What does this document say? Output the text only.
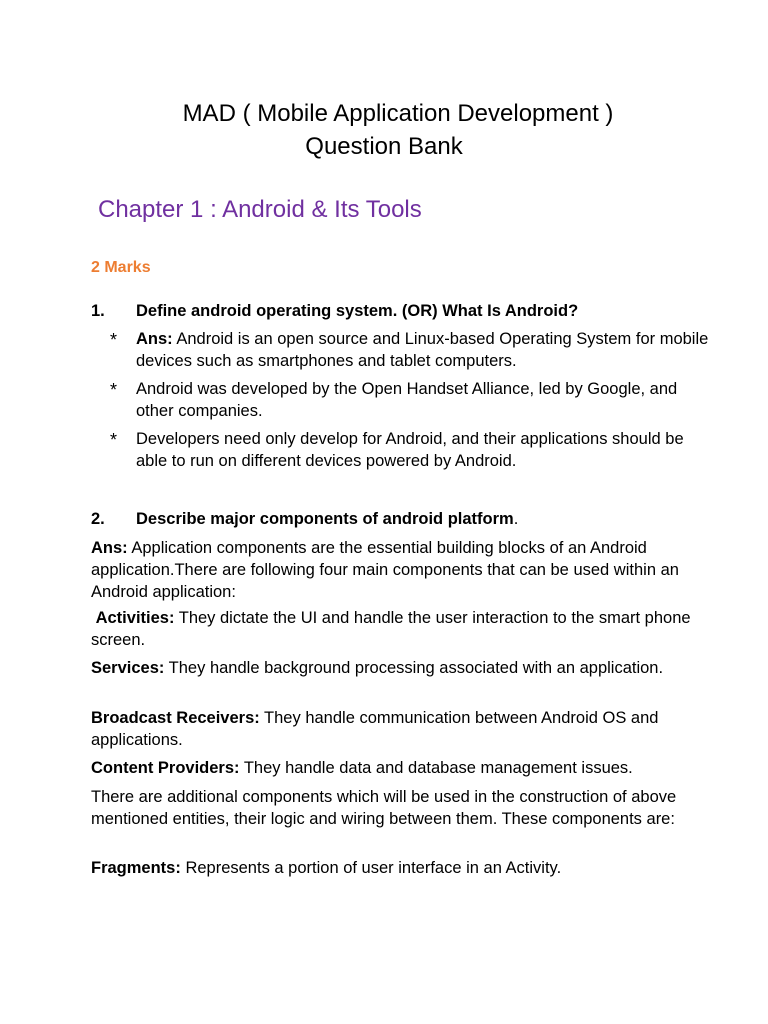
MAD ( Mobile Application Development )
Question Bank
Chapter 1 : Android & Its Tools
2 Marks
1. Define android operating system. (OR) What Is Android?
* Ans: Android is an open source and Linux-based Operating System for mobile devices such as smartphones and tablet computers.
* Android was developed by the Open Handset Alliance, led by Google, and other companies.
* Developers need only develop for Android, and their applications should be able to run on different devices powered by Android.
2. Describe major components of android platform.
Ans: Application components are the essential building blocks of an Android application.There are following four main components that can be used within an Android application:
Activities: They dictate the UI and handle the user interaction to the smart phone screen.
Services: They handle background processing associated with an application.
Broadcast Receivers: They handle communication between Android OS and applications.
Content Providers: They handle data and database management issues.
There are additional components which will be used in the construction of above mentioned entities, their logic and wiring between them. These components are:
Fragments: Represents a portion of user interface in an Activity.
